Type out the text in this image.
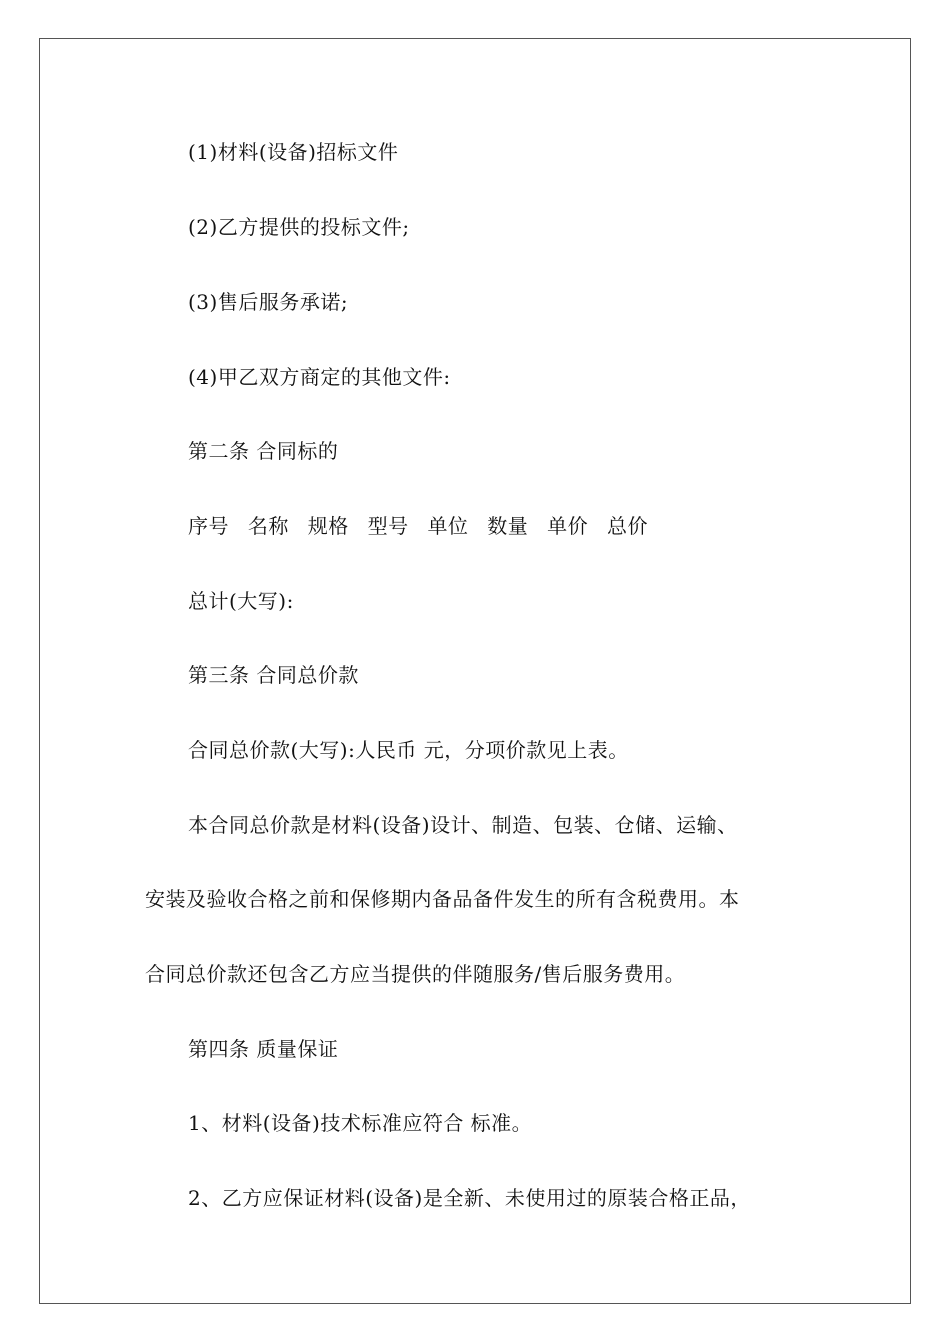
(1)材料(设备)招标文件
(2)乙方提供的投标文件;
(3)售后服务承诺;
(4)甲乙双方商定的其他文件:
第二条 合同标的
序号 名称 规格 型号 单位 数量 单价 总价
总计(大写):
第三条 合同总价款
合同总价款(大写):人民币 元，分项价款见上表。
本合同总价款是材料(设备)设计、制造、包装、仓储、运输、
安装及验收合格之前和保修期内备品备件发生的所有含税费用。本
合同总价款还包含乙方应当提供的伴随服务/售后服务费用。
第四条 质量保证
1、材料(设备)技术标准应符合 标准。
2、乙方应保证材料(设备)是全新、未使用过的原装合格正品，
